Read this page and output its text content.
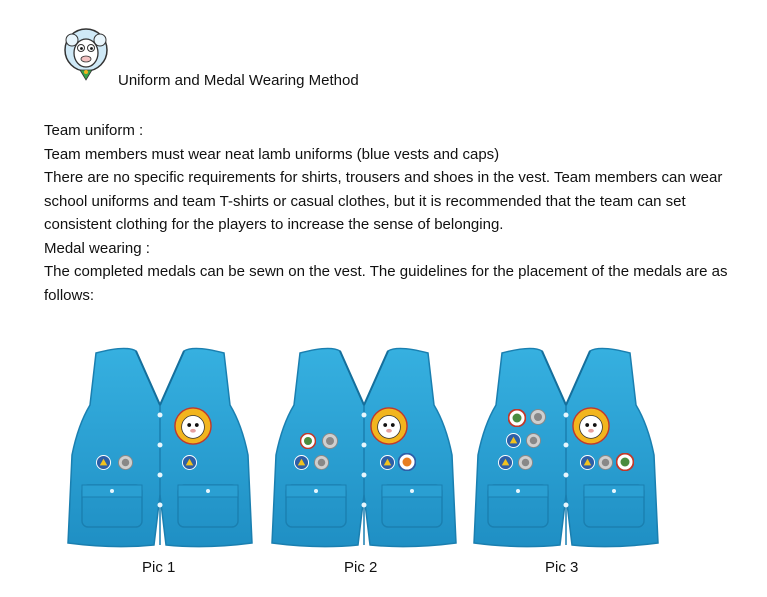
Uniform and Medal Wearing Method

Team uniform :

Team members must wear neat lamb uniforms (blue vests and caps)

There are no specific requirements for shirts, trousers and shoes in the vest. Team members can wear school uniforms and team T-shirts or casual clothes, but it is recommended that the team can set consistent clothing for the players to increase the sense of belonging.

Medal wearing :

The completed medals can be sewn on the vest. The guidelines for the placement of the medals are as follows:

Pic 1	Pic 2	Pic 3
